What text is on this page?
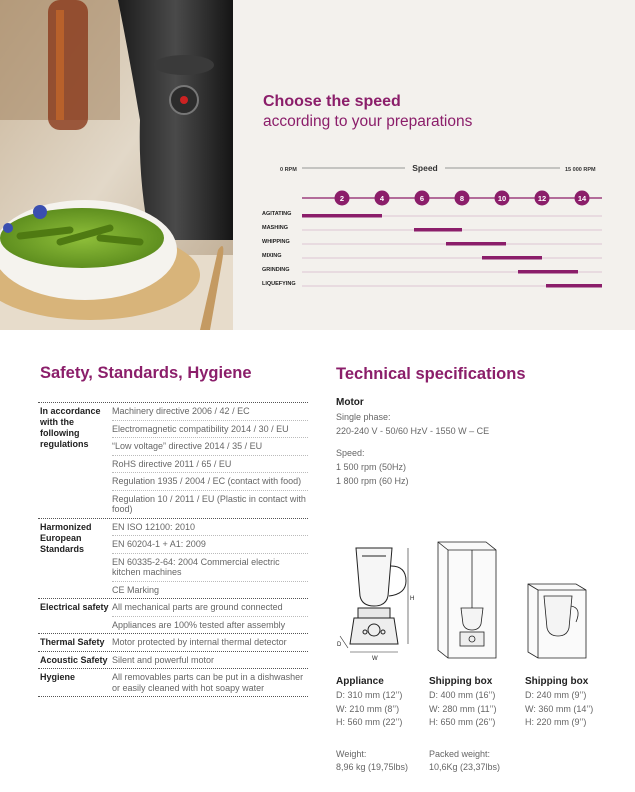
Choose the speed
according to your preparations
0 RPM	Speed	15 000 RPM
2	4	6	8	10	12	14
AGITATING
MASHING
WHIPPING
MIXING
GRINDING
LIQUEFYING
Safety, Standards, Hygiene
In accordance with the following regulations
Machinery directive 2006 / 42 / EC
Electromagnetic compatibility 2014 / 30 / EU
“Low voltage” directive 2014 / 35 / EU
RoHS directive 2011 / 65 / EU
Regulation 1935 / 2004 / EC (contact with food)
Regulation 10 / 2011 / EU (Plastic in contact with food)
Harmonized European Standards
EN ISO 12100: 2010
EN 60204-1 + A1: 2009
EN 60335-2-64: 2004 Commercial electric kitchen machines
CE Marking
Electrical safety All mechanical parts are ground connected
Appliances are 100% tested after assembly
Thermal Safety Motor protected by internal thermal detector
Acoustic Safety Silent and powerful motor
Hygiene	All removables parts can be put in a dishwasher or easily cleaned with hot soapy water
Technical specifications
Motor

Single phase:

220-240 V - 50/60 HzV - 1550 W – CE

Speed:

1 500 rpm (50Hz)

1 800 rpm (60 Hz)

H
W
D
Appliance
D: 310 mm (12’’)
W: 210 mm (8’’)
H: 560 mm (22’’)
Weight:
8,96 kg (19,75lbs)
Shipping box
D: 400 mm (16’’)
W: 280 mm (11’’)
H: 650 mm (26’’)
Packed weight:
10,6Kg (23,37lbs)
Shipping box
D: 240 mm (9’’)
W: 360 mm (14’’)
H: 220 mm (9’’)
